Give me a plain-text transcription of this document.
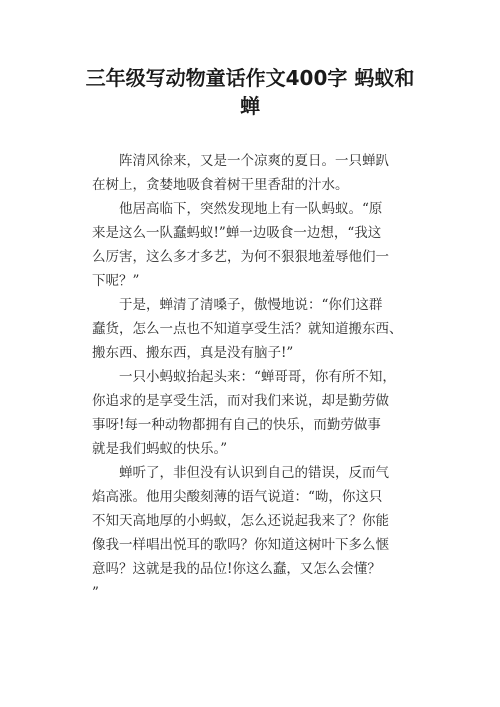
三年级写动物童话作文400字 蚂蚁和
蝉

阵清风徐来，又是一个凉爽的夏日。一只蝉趴
在树上，贪婪地吸食着树干里香甜的汁水。

他居高临下，突然发现地上有一队蚂蚁。“原
来是这么一队蠢蚂蚁!”蝉一边吸食一边想，“我这
么厉害，这么多才多艺，为何不狠狠地羞辱他们一
下呢？”

于是，蝉清了清嗓子，傲慢地说：“你们这群
蠢货，怎么一点也不知道享受生活？就知道搬东西、
搬东西、搬东西，真是没有脑子!”

一只小蚂蚁抬起头来：“蝉哥哥，你有所不知，
你追求的是享受生活，而对我们来说，却是勤劳做
事呀!每一种动物都拥有自己的快乐，而勤劳做事
就是我们蚂蚁的快乐。”

蝉听了，非但没有认识到自己的错误，反而气
焰高涨。他用尖酸刻薄的语气说道：“呦，你这只
不知天高地厚的小蚂蚁，怎么还说起我来了？你能
像我一样唱出悦耳的歌吗？你知道这树叶下多么惬
意吗？这就是我的品位!你这么蠢，又怎么会懂？
”
